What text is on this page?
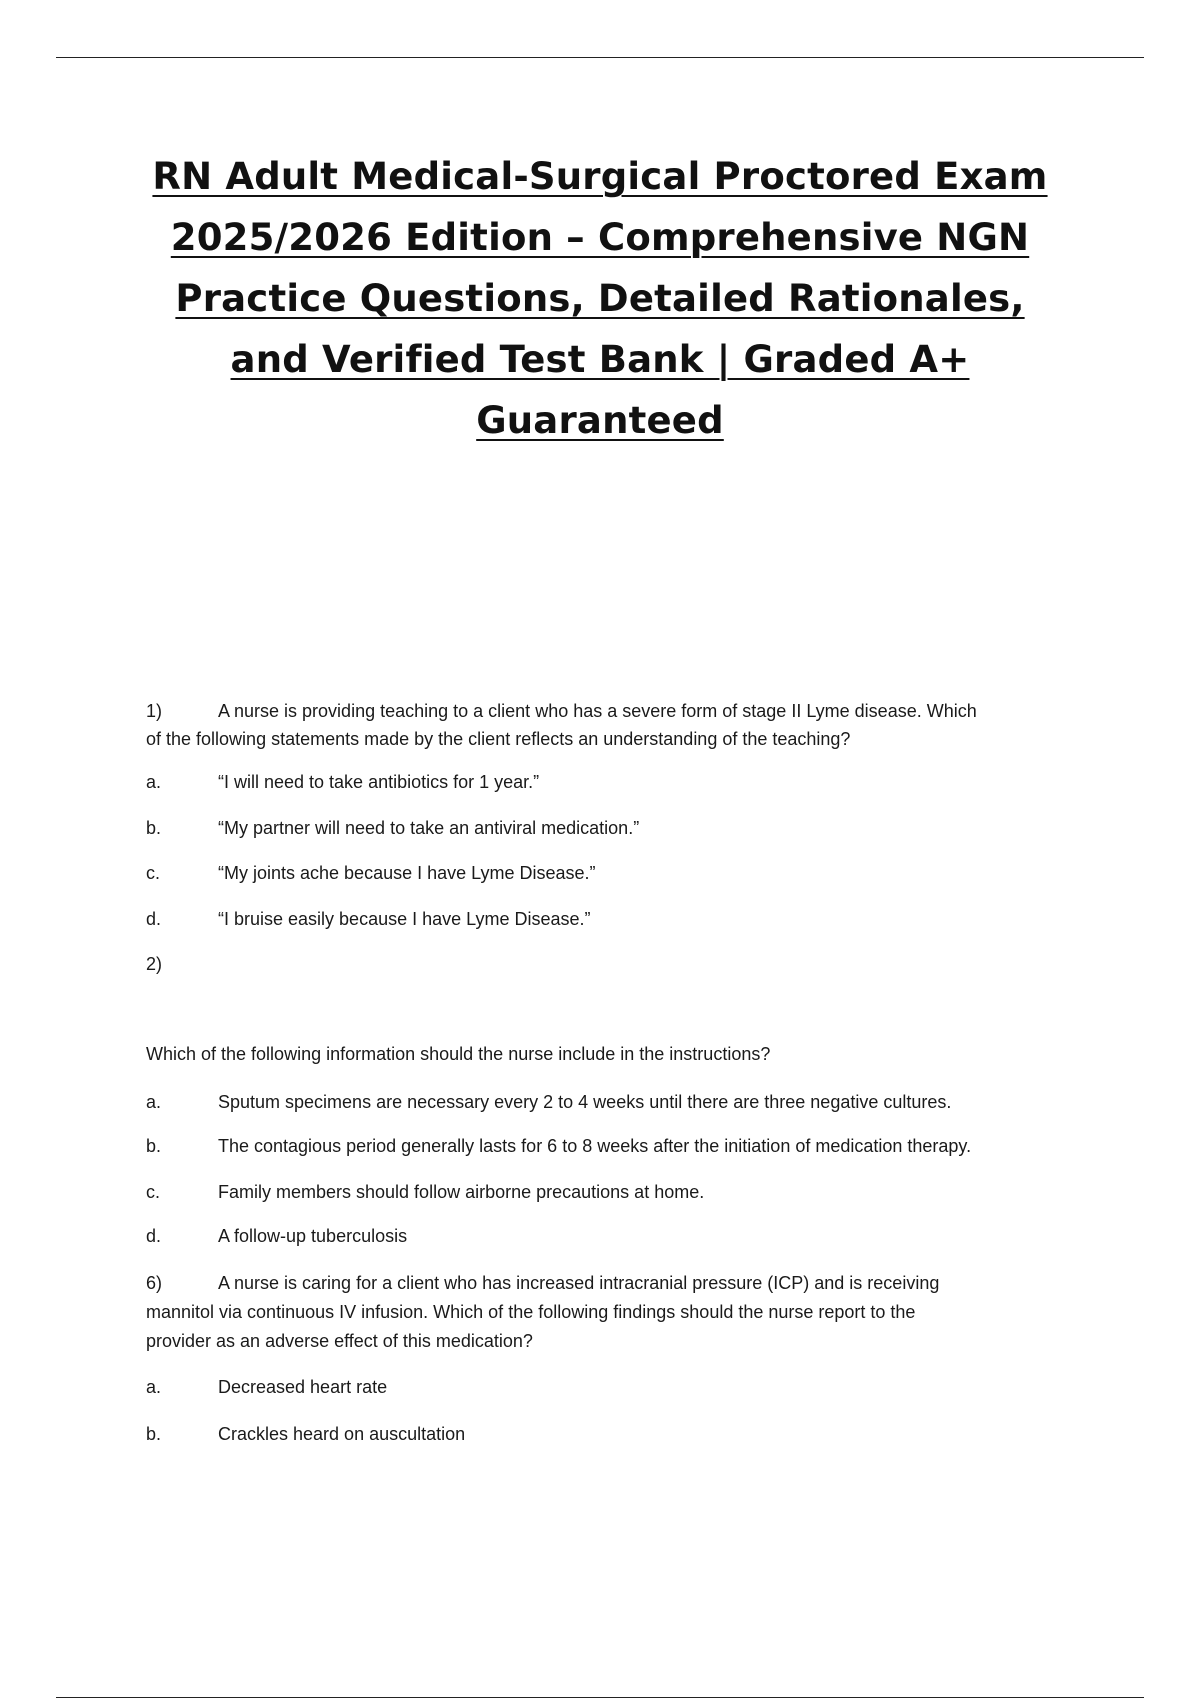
RN Adult Medical-Surgical Proctored Exam
2025/2026 Edition – Comprehensive NGN
Practice Questions, Detailed Rationales,
and Verified Test Bank | Graded A+
Guaranteed
1)	A nurse is providing teaching to a client who has a severe form of stage II Lyme disease. Which
of the following statements made by the client reflects an understanding of the teaching?
a.	“I will need to take antibiotics for 1 year.”
b.	“My partner will need to take an antiviral medication.”
c.	“My joints ache because I have Lyme Disease.”
d.	“I bruise easily because I have Lyme Disease.”
2)
Which of the following information should the nurse include in the instructions?
a.	Sputum specimens are necessary every 2 to 4 weeks until there are three negative cultures.
b.	The contagious period generally lasts for 6 to 8 weeks after the initiation of medication therapy.
c.	Family members should follow airborne precautions at home.
d.	A follow-up tuberculosis
6)	A nurse is caring for a client who has increased intracranial pressure (ICP) and is receiving
mannitol via continuous IV infusion. Which of the following findings should the nurse report to the
provider as an adverse effect of this medication?
a.	Decreased heart rate
b.	Crackles heard on auscultation
